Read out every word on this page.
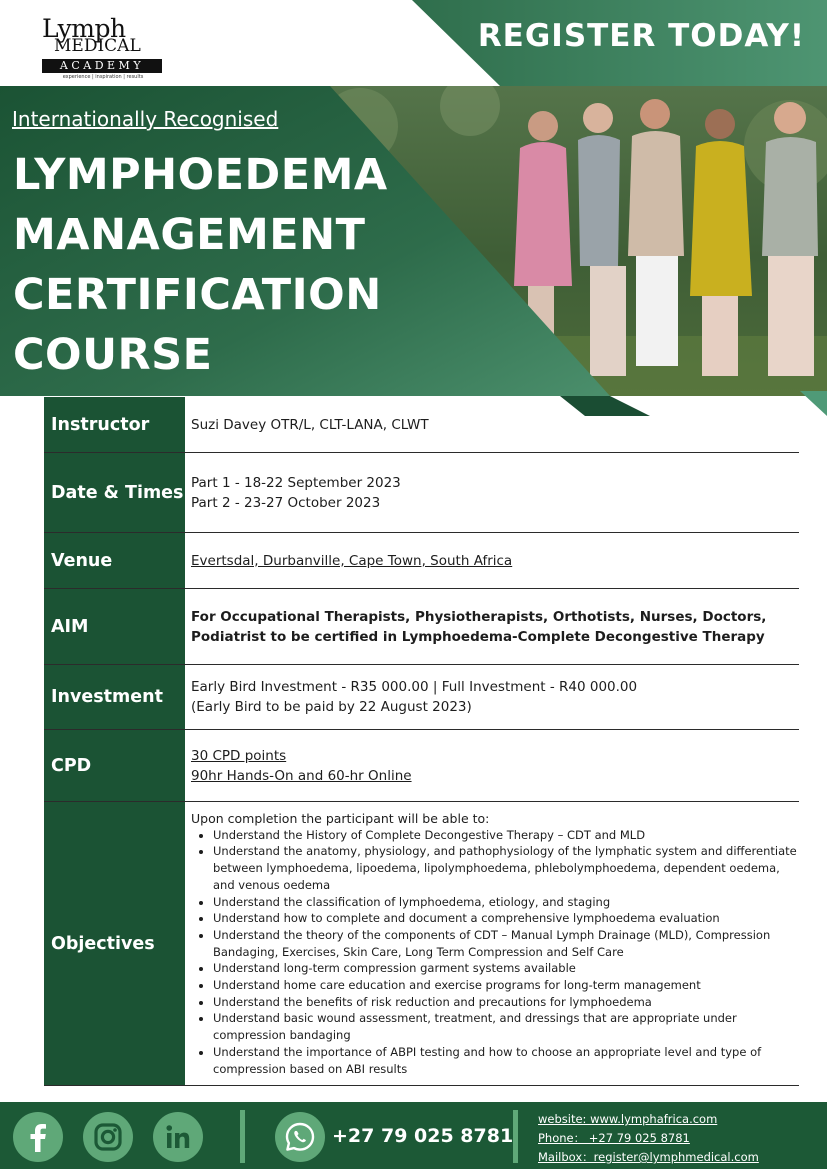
Lymph
MEDICAL
ACADEMY
experience | inspiration | results
REGISTER TODAY!
Internationally Recognised
LYMPHOEDEMA
MANAGEMENT
CERTIFICATION
COURSE
Instructor	Suzi Davey OTR/L, CLT-LANA, CLWT
Date & Times Part 1 - 18-22 September 2023
Part 2 - 23-27 October 2023
Venue	Evertsdal, Durbanville, Cape Town, South Africa
AIM	For Occupational Therapists, Physiotherapists, Orthotists, Nurses, Doctors,
Podiatrist to be certified in Lymphoedema-Complete Decongestive Therapy
Investment	Early Bird Investment - R35 000.00 | Full Investment - R40 000.00
(Early Bird to be paid by 22 August 2023)
CPD	30 CPD points
90hr Hands-On and 60-hr Online
Objectives
Upon completion the participant will be able to:
• Understand the History of Complete Decongestive Therapy – CDT and MLD
• Understand the anatomy, physiology, and pathophysiology of the lymphatic system and differentiate between lymphoedema, lipoedema, lipolymphoedema, phlebolymphoedema, dependent oedema, and venous oedema
• Understand the classification of lymphoedema, etiology, and staging
• Understand how to complete and document a comprehensive lymphoedema evaluation
• Understand the theory of the components of CDT – Manual Lymph Drainage (MLD), Compression Bandaging, Exercises, Skin Care, Long Term Compression and Self Care
• Understand long-term compression garment systems available
• Understand home care education and exercise programs for long-term management
• Understand the benefits of risk reduction and precautions for lymphoedema
• Understand basic wound assessment, treatment, and dressings that are appropriate under compression bandaging
• Understand the importance of ABPI testing and how to choose an appropriate level and type of compression based on ABI results
+27 79 025 8781
website: www.lymphafrica.com
Phone： +27 79 025 8781
Mailbox：register@lymphmedical.com
